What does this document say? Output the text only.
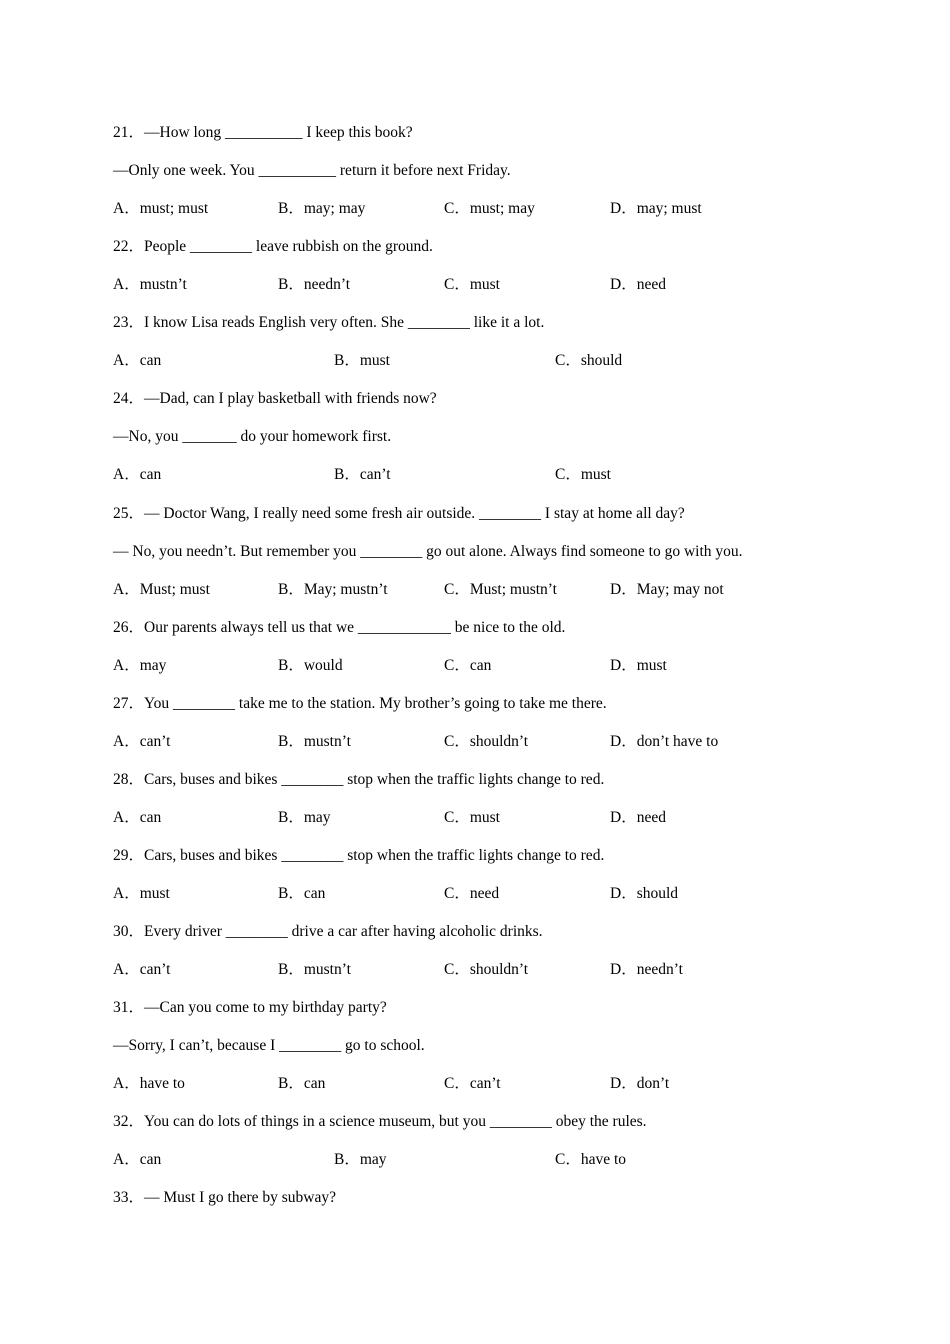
21．—How long __________ I keep this book?
—Only one week. You __________ return it before next Friday.
A．must; must	B．may; may	C．must; may	D．may; must
22．People ________ leave rubbish on the ground.
A．mustn’t	B．needn’t	C．must	D．need
23．I know Lisa reads English very often. She ________ like it a lot.
A．can	B．must	C．should
24．—Dad, can I play basketball with friends now?
—No, you _______ do your homework first.
A．can	B．can’t	C．must
25．— Doctor Wang, I really need some fresh air outside. ________ I stay at home all day?
— No, you needn’t. But remember you ________ go out alone. Always find someone to go with you.
A．Must; must	B．May; mustn’t	C．Must; mustn’t	D．May; may not
26．Our parents always tell us that we ____________ be nice to the old.
A．may	B．would	C．can	D．must
27．You ________ take me to the station. My brother’s going to take me there.
A．can’t	B．mustn’t	C．shouldn’t	D．don’t have to
28．Cars, buses and bikes ________ stop when the traffic lights change to red.
A．can	B．may	C．must	D．need
29．Cars, buses and bikes ________ stop when the traffic lights change to red.
A．must	B．can	C．need	D．should
30．Every driver ________ drive a car after having alcoholic drinks.
A．can’t	B．mustn’t	C．shouldn’t	D．needn’t
31．—Can you come to my birthday party?
—Sorry, I can’t, because I ________ go to school.
A．have to	B．can	C．can’t	D．don’t
32．You can do lots of things in a science museum, but you ________ obey the rules.
A．can	B．may	C．have to
33．— Must I go there by subway?
